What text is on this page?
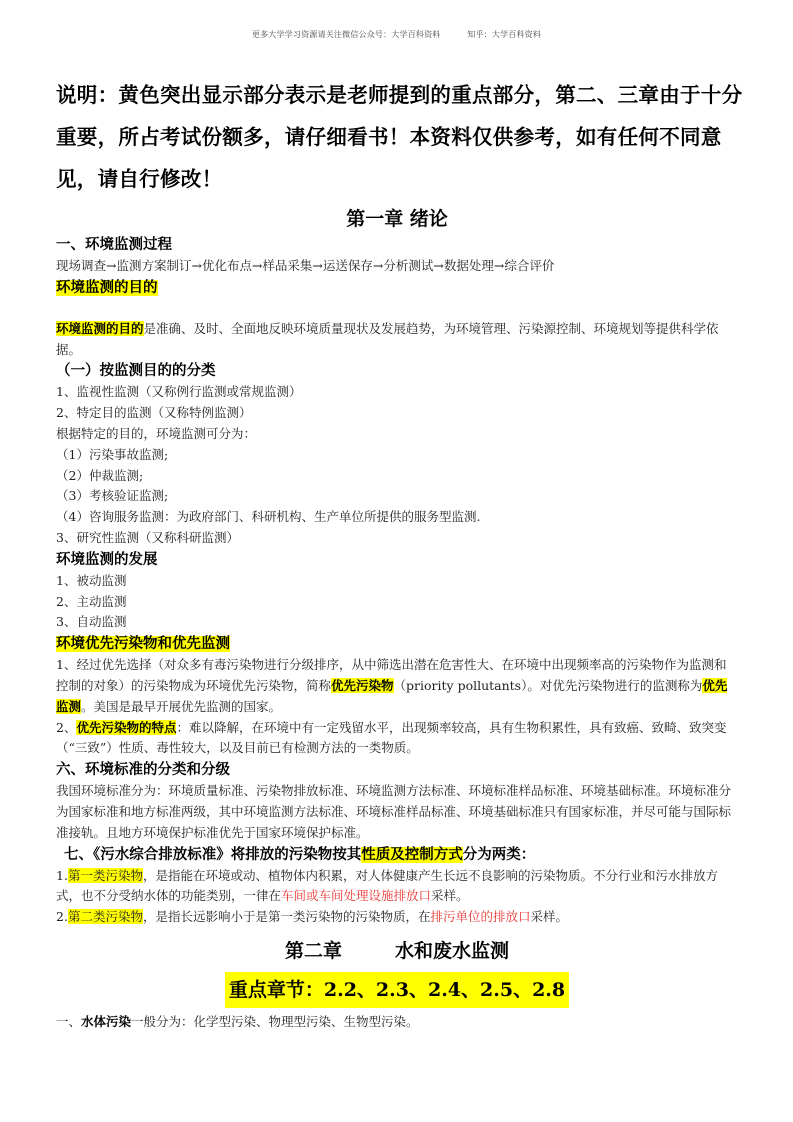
更多大学学习资源请关注微信公众号：大学百科资料	知乎：大学百科资料
说明：黄色突出显示部分表示是老师提到的重点部分，第二、三章由于十分重要，所占考试份额多，请仔细看书！本资料仅供参考，如有任何不同意见，请自行修改！

第一章 绪论

一、环境监测过程

现场调查→监测方案制订→优化布点→样品采集→运送保存→分析测试→数据处理→综合评价

环境监测的目的

环境监测的目的是准确、及时、全面地反映环境质量现状及发展趋势，为环境管理、污染源控制、环境规划等提供科学依据。

（一）按监测目的的分类

1、监视性监测（又称例行监测或常规监测）

2、特定目的监测（又称特例监测）

根据特定的目的，环境监测可分为：

（1）污染事故监测;

（2）仲裁监测;

（3）考核验证监测;

（4）咨询服务监测：为政府部门、科研机构、生产单位所提供的服务型监测.

3、研究性监测（又称科研监测）

环境监测的发展

1、被动监测

2、主动监测

3、自动监测

环境优先污染物和优先监测

1、经过优先选择（对众多有毒污染物进行分级排序，从中筛选出潜在危害性大、在环境中出现频率高的污染物作为监测和控制的对象）的污染物成为环境优先污染物，简称优先污染物（priority pollutants）。对优先污染物进行的监测称为优先监测。美国是最早开展优先监测的国家。

2、优先污染物的特点：难以降解，在环境中有一定残留水平，出现频率较高，具有生物积累性，具有致癌、致畸、致突变（“三致”）性质、毒性较大，以及目前已有检测方法的一类物质。

六、环境标准的分类和分级

我国环境标准分为：环境质量标准、污染物排放标准、环境监测方法标准、环境标准样品标准、环境基础标准。环境标准分为国家标准和地方标准两级，其中环境监测方法标准、环境标准样品标准、环境基础标准只有国家标准，并尽可能与国际标准接轨。且地方环境保护标准优先于国家环境保护标准。

七、《污水综合排放标准》将排放的污染物按其性质及控制方式分为两类：

1.第一类污染物，是指能在环境或动、植物体内积累，对人体健康产生长远不良影响的污染物质。不分行业和污水排放方式，也不分受纳水体的功能类别，一律在车间或车间处理设施排放口采样。

2.第二类污染物，是指长远影响小于是第一类污染物的污染物质，在排污单位的排放口采样。

第二章        水和废水监测

重点章节：2.2、2.3、2.4、2.5、2.8

一、水体污染一般分为：化学型污染、物理型污染、生物型污染。
